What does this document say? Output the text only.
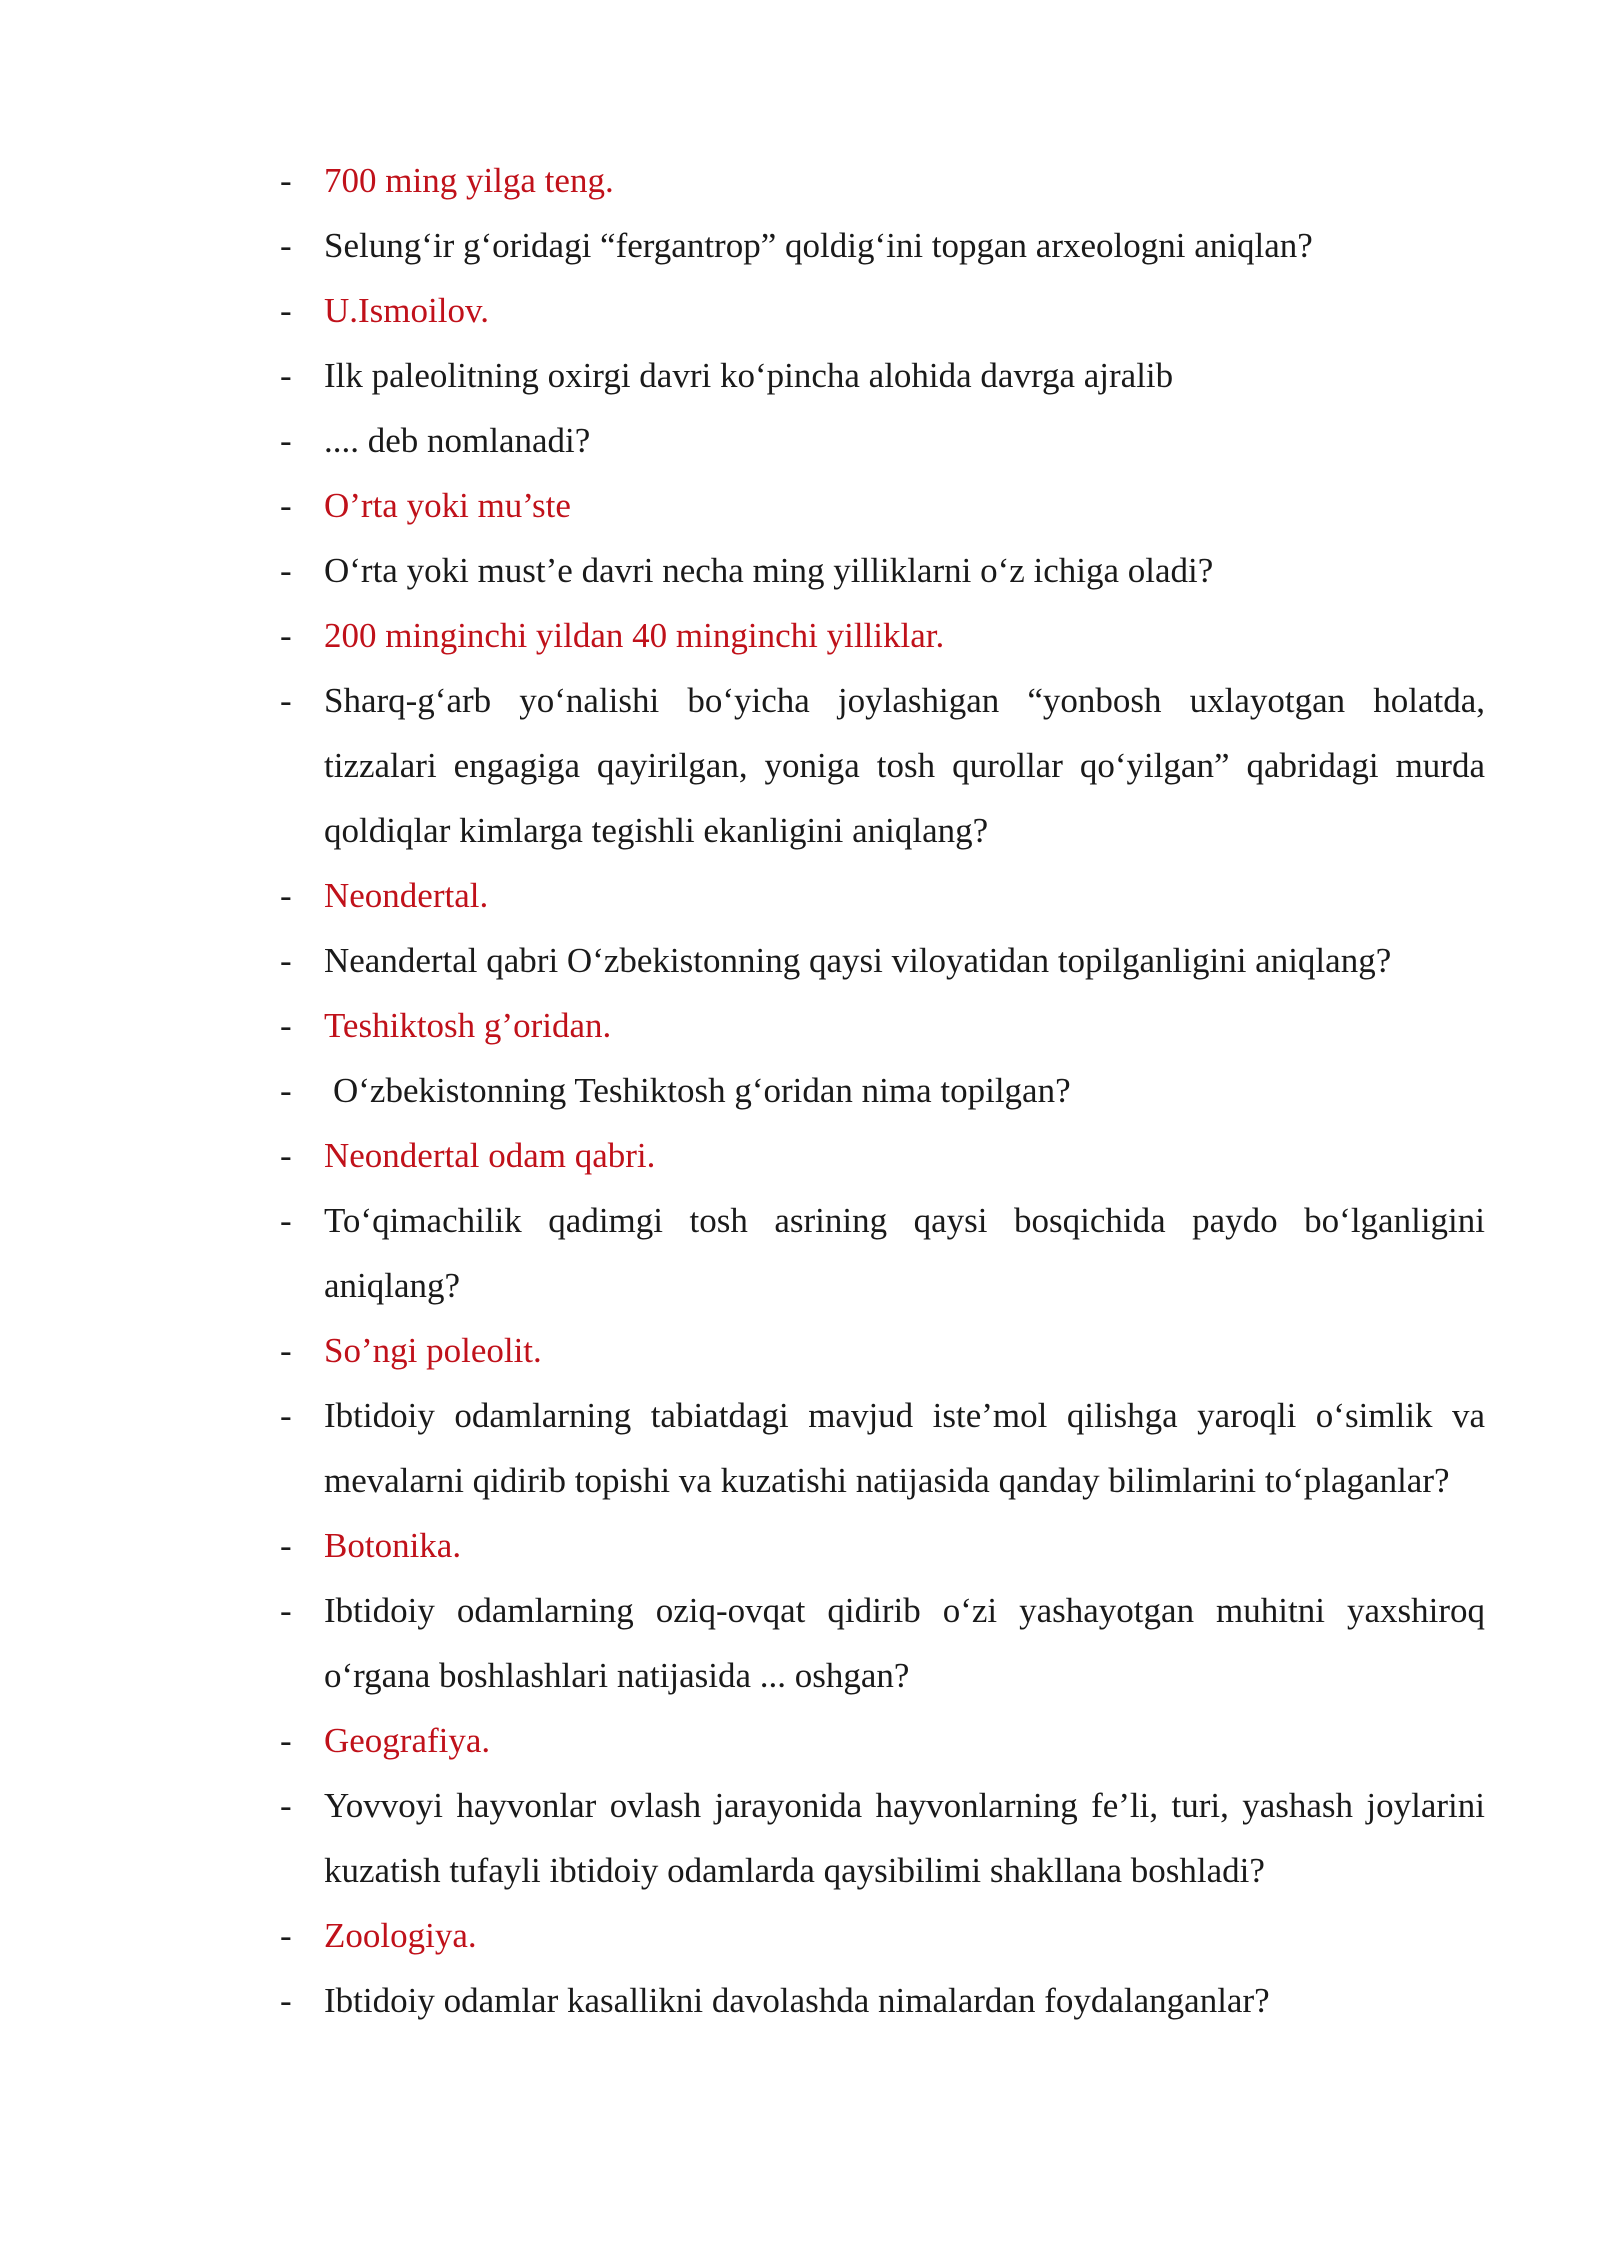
- 700 ming yilga teng.
- Selung‘ir g‘oridagi “fergantrop” qoldig‘ini topgan arxeologni aniqlan?
- U.Ismoilov.
- Ilk paleolitning oxirgi davri ko‘pincha alohida davrga ajralib
- .... deb nomlanadi?
- O’rta yoki mu’ste
- O‘rta yoki must’e davri necha ming yilliklarni o‘z ichiga oladi?
- 200 minginchi yildan 40 minginchi yilliklar.
- Sharq-g‘arb yo‘nalishi bo‘yicha joylashigan “yonbosh uxlayotgan holatda, tizzalari engagiga qayirilgan, yoniga tosh qurollar qo‘yilgan” qabridagi murda qoldiqlar kimlarga tegishli ekanligini aniqlang?
- Neondertal.
- Neandertal qabri O‘zbekistonning qaysi viloyatidan topilganligini aniqlang?
- Teshiktosh g’oridan.
-	O‘zbekistonning Teshiktosh g‘oridan nima topilgan?
- Neondertal odam qabri.
- To‘qimachilik qadimgi tosh asrining qaysi bosqichida paydo bo‘lganligini aniqlang?
- So’ngi poleolit.
- Ibtidoiy odamlarning tabiatdagi mavjud iste’mol qilishga yaroqli o‘simlik va mevalarni qidirib topishi va kuzatishi natijasida qanday bilimlarini to‘plaganlar?
- Botonika.
- Ibtidoiy odamlarning oziq-ovqat qidirib o‘zi yashayotgan muhitni yaxshiroq o‘rgana boshlashlari natijasida ... oshgan?
- Geografiya.
- Yovvoyi hayvonlar ovlash jarayonida hayvonlarning fe’li, turi, yashash joylarini kuzatish tufayli ibtidoiy odamlarda qaysibilimi shakllana boshladi?
- Zoologiya.
- Ibtidoiy odamlar kasallikni davolashda nimalardan foydalanganlar?
